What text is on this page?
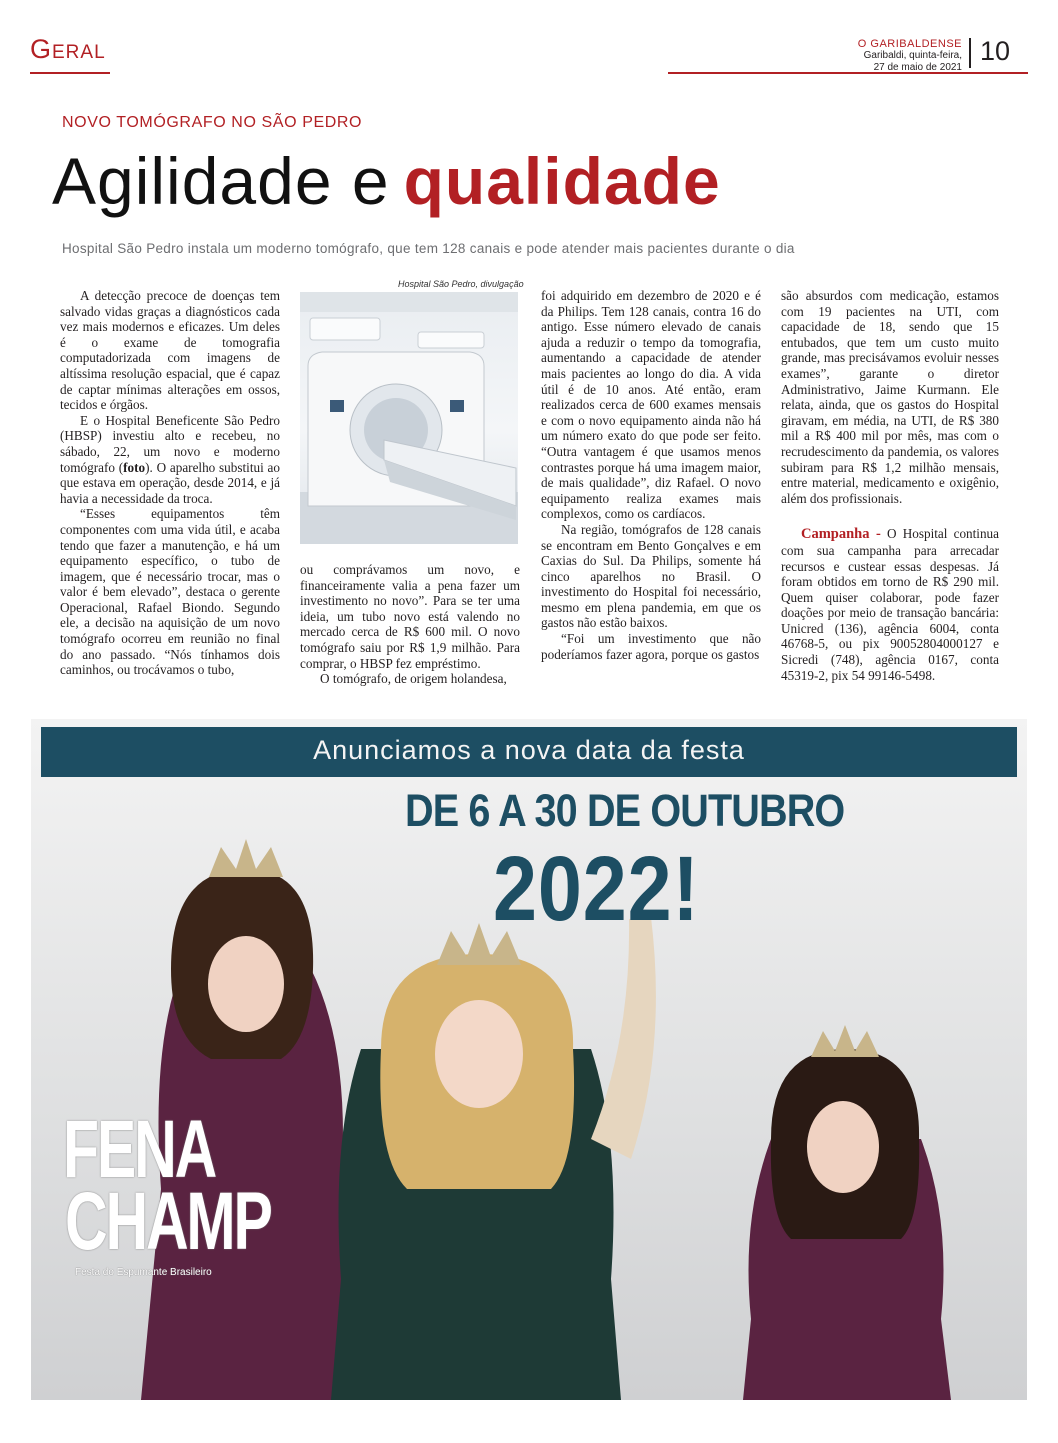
Geral	O GARIBALDENSE
Garibaldi, quinta-feira,
27 de maio de 2021
10
NOVO TOMÓGRAFO NO SÃO PEDRO
Agilidade e qualidade
Hospital São Pedro instala um moderno tomógrafo, que tem 128 canais e pode atender mais pacientes durante o dia

A detecção precoce de doenças tem salvado vidas graças a diagnósticos cada vez mais modernos e eficazes. Um deles é o exame de tomografia computadorizada com imagens de altíssima resolução espacial, que é capaz de captar mínimas alterações em ossos, tecidos e órgãos.

E o Hospital Beneficente São Pedro (HBSP) investiu alto e recebeu, no sábado, 22, um novo e moderno tomógrafo (foto). O aparelho substitui ao que estava em operação, desde 2014, e já havia a necessidade da troca.

“Esses equipamentos têm componentes com uma vida útil, e acaba tendo que fazer a manutenção, e há um equipamento específico, o tubo de imagem, que é necessário trocar, mas o valor é bem elevado”, destaca o gerente Operacional, Rafael Biondo. Segundo ele, a decisão na aquisição de um novo tomógrafo ocorreu em reunião no final do ano passado. “Nós tínhamos dois caminhos, ou trocávamos o tubo,

Hospital São Pedro, divulgação

ou comprávamos um novo, e financeiramente valia a pena fazer um investimento no novo”. Para se ter uma ideia, um tubo novo está valendo no mercado cerca de R$ 600 mil. O novo tomógrafo saiu por R$ 1,9 milhão. Para comprar, o HBSP fez empréstimo.

O tomógrafo, de origem holandesa,

foi adquirido em dezembro de 2020 e é da Philips. Tem 128 canais, contra 16 do antigo. Esse número elevado de canais ajuda a reduzir o tempo da tomografia, aumentando a capacidade de atender mais pacientes ao longo do dia. A vida útil é de 10 anos. Até então, eram realizados cerca de 600 exames mensais e com o novo equipamento ainda não há um número exato do que pode ser feito. “Outra vantagem é que usamos menos contrastes porque há uma imagem maior, de mais qualidade”, diz Rafael. O novo equipamento realiza exames mais complexos, como os cardíacos.

Na região, tomógrafos de 128 canais se encontram em Bento Gonçalves e em Caxias do Sul. Da Philips, somente há cinco aparelhos no Brasil. O investimento do Hospital foi necessário, mesmo em plena pandemia, em que os gastos não estão baixos.

“Foi um investimento que não poderíamos fazer agora, porque os gastos

são absurdos com medicação, estamos com 19 pacientes na UTI, com capacidade de 18, sendo que 15 entubados, que tem um custo muito grande, mas precisávamos evoluir nesses exames”, garante o diretor Administrativo, Jaime Kurmann. Ele relata, ainda, que os gastos do Hospital giravam, em média, na UTI, de R$ 380 mil a R$ 400 mil por mês, mas com o recrudescimento da pandemia, os valores subiram para R$ 1,2 milhão mensais, entre material, medicamento e oxigênio, além dos profissionais.

Campanha - O Hospital continua com sua campanha para arrecadar recursos e custear essas despesas. Já foram obtidos em torno de R$ 290 mil. Quem quiser colaborar, pode fazer doações por meio de transação bancária: Unicred (136), agência 6004, conta 46768-5, ou pix 90052804000127 e Sicredi (748), agência 0167, conta 45319-2, pix 54 99146-5498.

Anunciamos a nova data da festa
DE 6 A 30 DE OUTUBRO
2022!
FENA
CHAMP
Festa do Espumante Brasileiro
